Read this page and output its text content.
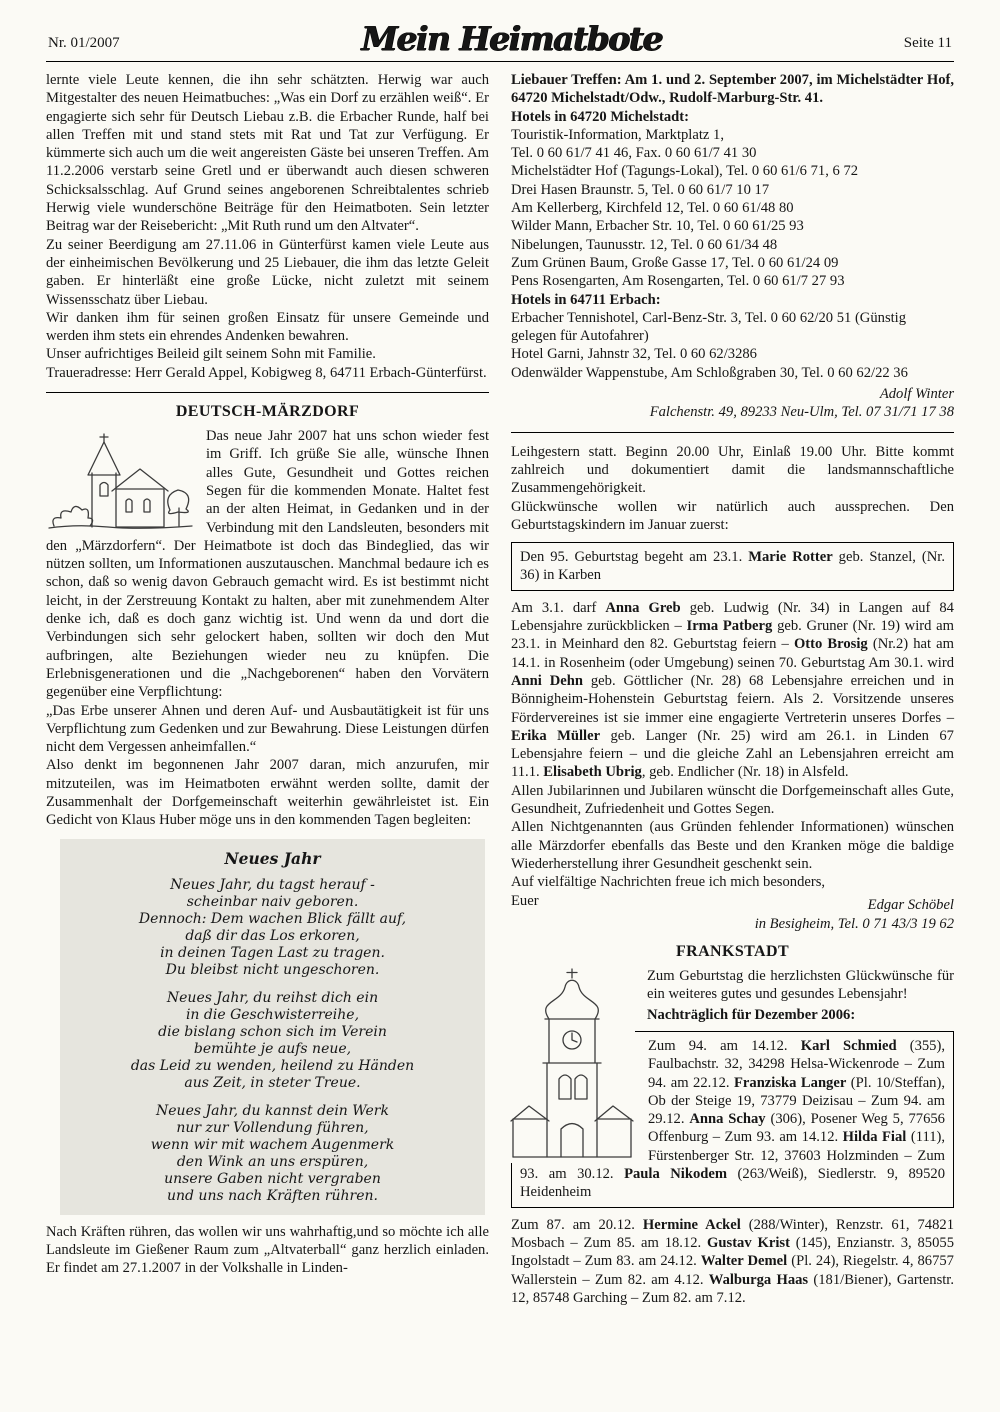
Nr. 01/2007	Mein Heimatbote	Seite 11

lernte viele Leute kennen, die ihn sehr schätzten. Herwig war auch Mitgestalter des neuen Heimatbuches: „Was ein Dorf zu erzählen weiß“. Er engagierte sich sehr für Deutsch Liebau z.B. die Erbacher Runde, half bei allen Treffen mit und stand stets mit Rat und Tat zur Verfügung. Er kümmerte sich auch um die weit angereisten Gäste bei unseren Treffen. Am 11.2.2006 verstarb seine Gretl und er überwandt auch diesen schweren Schicksalsschlag. Auf Grund seines angeborenen Schreibtalentes schrieb Herwig viele wunderschöne Beiträge für den Heimatboten. Sein letzter Beitrag war der Reisebericht: „Mit Ruth rund um den Altvater“.

Zu seiner Beerdigung am 27.11.06 in Günterfürst kamen viele Leute aus der einheimischen Bevölkerung und 25 Liebauer, die ihm das letzte Geleit gaben. Er hinterläßt eine große Lücke, nicht zuletzt mit seinem Wissensschatz über Liebau.

Wir danken ihm für seinen großen Einsatz für unsere Gemeinde und werden ihm stets ein ehrendes Andenken bewahren.

Unser aufrichtiges Beileid gilt seinem Sohn mit Familie.

Traueradresse: Herr Gerald Appel, Kobigweg 8, 64711 Erbach-Günterfürst.

DEUTSCH-MÄRZDORF

Das neue Jahr 2007 hat uns schon wieder fest im Griff. Ich grüße Sie alle, wünsche Ihnen alles Gute, Gesundheit und Gottes reichen Segen für die kommenden Monate. Haltet fest an der alten Heimat, in Gedanken und in der Verbindung mit den Landsleuten, besonders mit den „Märzdorfern“. Der Heimatbote ist doch das Bindeglied, das wir nützen sollten, um Informationen auszutauschen. Manchmal bedaure ich es schon, daß so wenig davon Gebrauch gemacht wird. Es ist bestimmt nicht leicht, in der Zerstreuung Kontakt zu halten, aber mit zunehmendem Alter denke ich, daß es doch ganz wichtig ist. Und wenn da und dort die Verbindungen sich sehr gelockert haben, sollten wir doch den Mut aufbringen, alte Beziehungen wieder neu zu knüpfen. Die Erlebnisgenerationen und die „Nachgeborenen“ haben den Vorvätern gegenüber eine Verpflichtung:

„Das Erbe unserer Ahnen und deren Auf- und Ausbautätigkeit ist für uns Verpflichtung zum Gedenken und zur Bewahrung. Diese Leistungen dürfen nicht dem Vergessen anheimfallen.“

Also denkt im begonnenen Jahr 2007 daran, mich anzurufen, mir mitzuteilen, was im Heimatboten erwähnt werden sollte, damit der Zusammenhalt der Dorfgemeinschaft weiterhin gewährleistet ist. Ein Gedicht von Klaus Huber möge uns in den kommenden Tagen begleiten:

Neues Jahr
Neues Jahr, du tagst herauf -
scheinbar naiv geboren.
Dennoch: Dem wachen Blick fällt auf,
daß dir das Los erkoren,
in deinen Tagen Last zu tragen.
Du bleibst nicht ungeschoren.
Neues Jahr, du reihst dich ein
in die Geschwisterreihe,
die bislang schon sich im Verein
bemühte je aufs neue,
das Leid zu wenden, heilend zu Händen
aus Zeit, in steter Treue.
Neues Jahr, du kannst dein Werk
nur zur Vollendung führen,
wenn wir mit wachem Augenmerk
den Wink an uns erspüren,
unsere Gaben nicht vergraben
und uns nach Kräften rühren.

Nach Kräften rühren, das wollen wir uns wahrhaftig,und so möchte ich alle Landsleute im Gießener Raum zum „Altvaterball“ ganz herzlich einladen. Er findet am 27.1.2007 in der Volkshalle in Linden-

Liebauer Treffen: Am 1. und 2. September 2007, im Michelstädter Hof, 64720 Michelstadt/Odw., Rudolf-Marburg-Str. 41.

Hotels in 64720 Michelstadt:
Touristik-Information, Marktplatz 1,
Tel. 0 60 61/7 41 46, Fax. 0 60 61/7 41 30
Michelstädter Hof (Tagungs-Lokal), Tel. 0 60 61/6 71, 6 72
Drei Hasen Braunstr. 5, Tel. 0 60 61/7 10 17
Am Kellerberg, Kirchfeld 12, Tel. 0 60 61/48 80
Wilder Mann, Erbacher Str. 10, Tel. 0 60 61/25 93
Nibelungen, Taunusstr. 12, Tel. 0 60 61/34 48
Zum Grünen Baum, Große Gasse 17, Tel. 0 60 61/24 09
Pens Rosengarten, Am Rosengarten, Tel. 0 60 61/7 27 93
Hotels in 64711 Erbach:
Erbacher Tennishotel, Carl-Benz-Str. 3, Tel. 0 60 62/20 51 (Günstig gelegen für Autofahrer)
Hotel Garni, Jahnstr 32, Tel. 0 60 62/3286
Odenwälder Wappenstube, Am Schloßgraben 30, Tel. 0 60 62/22 36
Adolf Winter
Falchenstr. 49, 89233 Neu-Ulm, Tel. 07 31/71 17 38

Leihgestern statt. Beginn 20.00 Uhr, Einlaß 19.00 Uhr. Bitte kommt zahlreich und dokumentiert damit die landsmannschaftliche Zusammengehörigkeit.

Glückwünsche wollen wir natürlich auch aussprechen. Den Geburtstagskindern im Januar zuerst:

Den 95. Geburtstag begeht am 23.1. Marie Rotter geb. Stanzel, (Nr. 36) in Karben

Am 3.1. darf Anna Greb geb. Ludwig (Nr. 34) in Langen auf 84 Lebensjahre zurückblicken – Irma Patberg geb. Gruner (Nr. 19) wird am 23.1. in Meinhard den 82. Geburtstag feiern – Otto Brosig (Nr.2) hat am 14.1. in Rosenheim (oder Umgebung) seinen 70. Geburtstag Am 30.1. wird Anni Dehn geb. Göttlicher (Nr. 28) 68 Lebensjahre erreichen und in Bönnigheim-Hohenstein Geburtstag feiern. Als 2. Vorsitzende unseres Fördervereines ist sie immer eine engagierte Vertreterin unseres Dorfes – Erika Müller geb. Langer (Nr. 25) wird am 26.1. in Linden 67 Lebensjahre feiern – und die gleiche Zahl an Lebensjahren erreicht am 11.1. Elisabeth Ubrig, geb. Endlicher (Nr. 18) in Alsfeld.

Allen Jubilarinnen und Jubilaren wünscht die Dorfgemeinschaft alles Gute, Gesundheit, Zufriedenheit und Gottes Segen.

Allen Nichtgenannten (aus Gründen fehlender Informationen) wünschen alle Märzdorfer ebenfalls das Beste und den Kranken möge die baldige Wiederherstellung ihrer Gesundheit geschenkt sein.

Auf vielfältige Nachrichten freue ich mich besonders,

Euer	Edgar Schöbel
in Besigheim, Tel. 0 71 43/3 19 62
FRANKSTADT

Zum Geburtstag die herzlichsten Glückwünsche für ein weiteres gutes und gesundes Lebensjahr!

Nachträglich für Dezember 2006:

Zum 94. am 14.12. Karl Schmied (355), Faulbachstr. 32, 34298 Helsa-Wickenrode – Zum 94. am 22.12. Franziska Langer (Pl. 10/Steffan), Ob der Steige 19, 73779 Deizisau – Zum 94. am 29.12. Anna Schay (306), Posener Weg 5, 77656 Offenburg – Zum 93. am 14.12. Hilda Fial (111), Fürstenberger Str. 12, 37603 Holzminden – Zum 93. am 30.12. Paula Nikodem (263/Weiß), Siedlerstr. 9, 89520 Heidenheim

Zum 87. am 20.12. Hermine Ackel (288/Winter), Renzstr. 61, 74821 Mosbach – Zum 85. am 18.12. Gustav Krist (145), Enzianstr. 3, 85055 Ingolstadt – Zum 83. am 24.12. Walter Demel (Pl. 24), Riegelstr. 4, 86757 Wallerstein – Zum 82. am 4.12. Walburga Haas (181/Biener), Gartenstr. 12, 85748 Garching – Zum 82. am 7.12.
